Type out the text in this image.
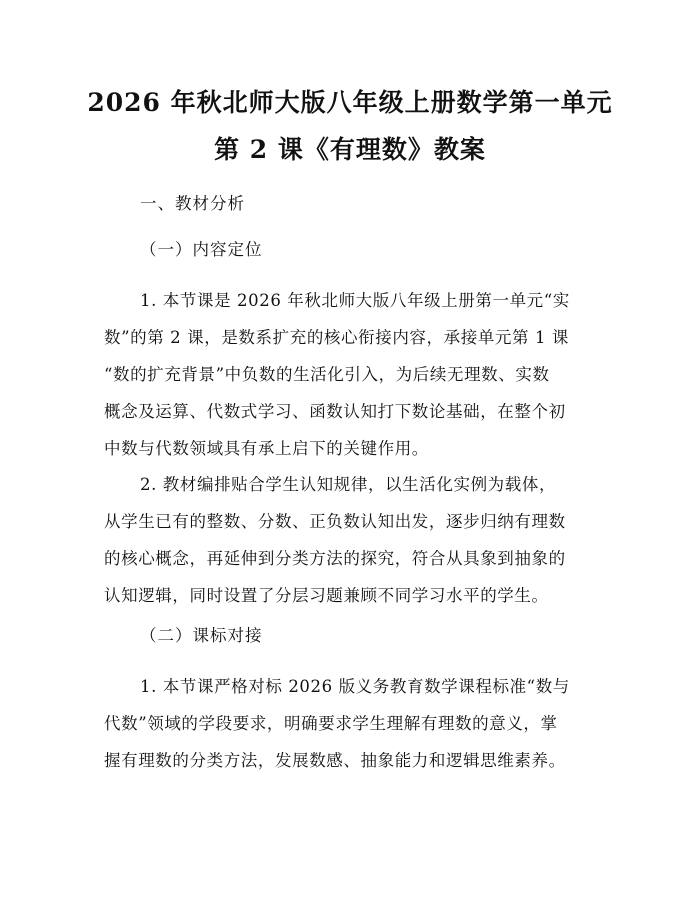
2026 年秋北师大版八年级上册数学第一单元
第 2 课《有理数》教案
一、教材分析
（一）内容定位
1. 本节课是 2026 年秋北师大版八年级上册第一单元“实
数”的第 2 课，是数系扩充的核心衔接内容，承接单元第 1 课
“数的扩充背景”中负数的生活化引入，为后续无理数、实数
概念及运算、代数式学习、函数认知打下数论基础，在整个初
中数与代数领域具有承上启下的关键作用。
2. 教材编排贴合学生认知规律，以生活化实例为载体，
从学生已有的整数、分数、正负数认知出发，逐步归纳有理数
的核心概念，再延伸到分类方法的探究，符合从具象到抽象的
认知逻辑，同时设置了分层习题兼顾不同学习水平的学生。
（二）课标对接
1. 本节课严格对标 2026 版义务教育数学课程标准“数与
代数”领域的学段要求，明确要求学生理解有理数的意义，掌
握有理数的分类方法，发展数感、抽象能力和逻辑思维素养。
